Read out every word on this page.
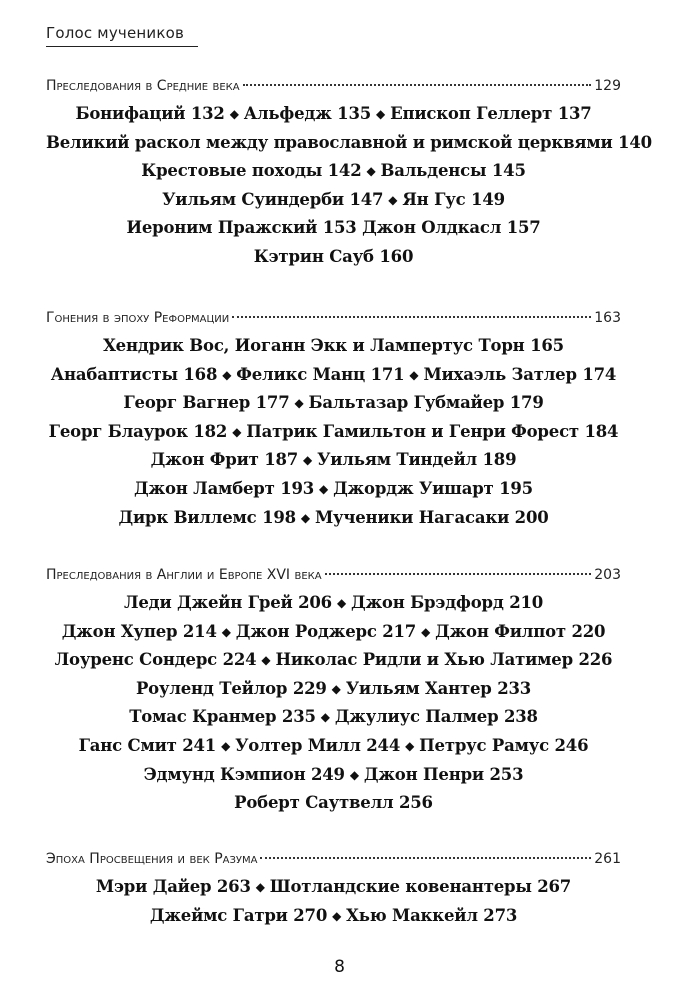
Голос мучеников
Преследования в Средние века	129
Бонифаций 132 ◆ Альфедж 135 ◆ Епископ Геллерт 137
Великий раскол между православной и римской церквями 140
Крестовые походы 142 ◆ Вальденсы 145
Уильям Суиндерби 147 ◆ Ян Гус 149
Иероним Пражский 153 Джон Олдкасл 157
Кэтрин Сауб 160
Гонения в эпоху Реформации	163
Хендрик Вос, Иоганн Экк и Лампертус Торн 165
Анабаптисты 168 ◆ Феликс Манц 171 ◆ Михаэль Затлер 174
Георг Вагнер 177 ◆ Бальтазар Губмайер 179
Георг Блаурок 182 ◆ Патрик Гамильтон и Генри Форест 184
Джон Фрит 187 ◆ Уильям Тиндейл 189
Джон Ламберт 193 ◆ Джордж Уишарт 195
Дирк Виллемс 198 ◆ Мученики Нагасаки 200
Преследования в Англии и Европе XVI века	203
Леди Джейн Грей 206 ◆ Джон Брэдфорд 210
Джон Хупер 214 ◆ Джон Роджерс 217 ◆ Джон Филпот 220
Лоуренс Сондерс 224 ◆ Николас Ридли и Хью Латимер 226
Роуленд Тейлор 229 ◆ Уильям Хантер 233
Томас Кранмер 235 ◆ Джулиус Палмер 238
Ганс Смит 241 ◆ Уолтер Милл 244 ◆ Петрус Рамус 246
Эдмунд Кэмпион 249 ◆ Джон Пенри 253
Роберт Саутвелл 256
Эпоха Просвещения и век Разума	261
Мэри Дайер 263 ◆ Шотландские ковенантеры 267
Джеймс Гатри 270 ◆ Хью Маккейл 273
8
